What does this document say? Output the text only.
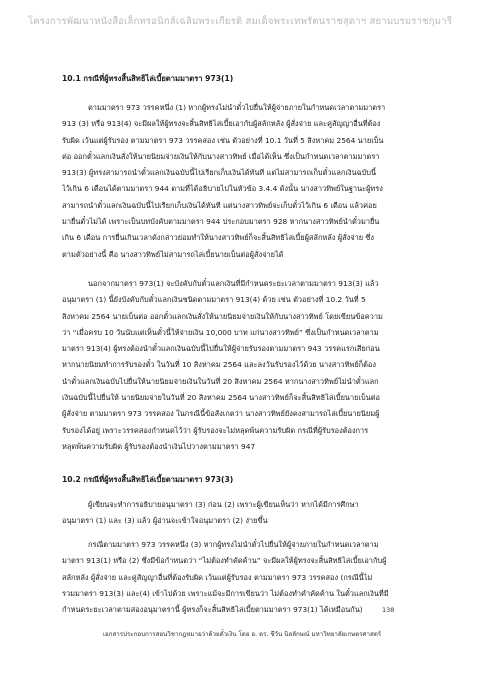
โครงการพัฒนาหนังสือเล็กทรอนิกส์เฉลิมพระเกียรติ สมเด็จพระเทพรัตนราชสุดาฯ สยามบรมราชกุมารี
10.1 กรณีที่ผู้ทรงสิ้นสิทธิไล่เบี้ยตามมาตรา 973(1)
ตามมาตรา 973 วรรคหนึ่ง (1) หากผู้ทรงไม่นำตั๋วไปยื่นให้ผู้จ่ายภายในกำหนดเวลาตามมาตรา
913 (3) หรือ 913(4) จะมีผลให้ผู้ทรงจะสิ้นสิทธิไล่เบี้ยเอากับผู้สลักหลัง ผู้สั่งจ่าย และคู่สัญญาอื่นที่ต้อง
รับผิด เว้นแต่ผู้รับรอง ตามมาตรา 973 วรรคสอง เช่น ตัวอย่างที่ 10.1 วันที่ 5 สิงหาคม 2564 นายเบ็น
ต่อ ออกตั๋วแลกเงินสั่งให้นายนิยมจ่ายเงินให้กับนางสาวทิพย์ เมื่อได้เห็น ซึ่งเป็นกำหนดเวลาตามมาตรา
913(3) ผู้ทรงสามารถนำตั๋วแลกเงินฉบับนี้ไปเรียกเก็บเงินได้ทันที แต่ไม่สามารถเก็บตั๋วแลกเงินฉบับนี้
ไว้เกิน 6 เดือนได้ตามมาตรา 944 ตามที่ได้อธิบายไปในหัวข้อ 3.4.4 ดังนั้น นางสาวทิพย์ในฐานะผู้ทรง
สามารถนำตั๋วแลกเงินฉบับนี้ไปเรียกเก็บเงินได้ทันที แต่นางสาวทิพย์จะเก็บตั๋วไว้เกิน 6 เดือน แล้วค่อย
มายื่นตั๋วไม่ได้ เพราะเป็นบทบังคับตามมาตรา 944 ประกอบมาตรา 928 หากนางสาวทิพย์นำตั๋วมายื่น
เกิน 6 เดือน การยื่นเกินเวลาดังกล่าวย่อมทำให้นางสาวทิพย์ก็จะสิ้นสิทธิไล่เบี้ยผู้สลักหลัง ผู้สั่งจ่าย ซึ่ง
ตามตัวอย่างนี้ คือ นางสาวทิพย์ไม่สามารถไล่เบี้ยนายเบ็นต่อผู้สั่งจ่ายได้
นอกจากมาตรา 973(1) จะบังคับกับตั๋วแลกเงินที่มีกำหนดระยะเวลาตามมาตรา 913(3) แล้ว
อนุมาตรา (1) นี้ยังบังคับกับตั๋วแลกเงินชนิดตามมาตรา 913(4) ด้วย เช่น ตัวอย่างที่ 10.2 วันที่ 5
สิงหาคม 2564 นายเบ็นต่อ ออกตั๋วแลกเงินสั่งให้นายนิยมจ่ายเงินให้กับนางสาวทิพย์ โดยเขียนข้อความ
ว่า “เมื่อครบ 10 วันนับแต่เห็นตั๋วนี้ให้จ่ายเงิน 10,000 บาท แก่นางสาวทิพย์” ซึ่งเป็นกำหนดเวลาตาม
มาตรา 913(4) ผู้ทรงต้องนำตั๋วแลกเงินฉบับนี้ไปยื่นให้ผู้จ่ายรับรองตามมาตรา 943 วรรคแรกเสียก่อน
หากนายนิยมทำการรับรองตั๋ว ในวันที่ 10 สิงหาคม 2564 และลงวันรับรองไว้ด้วย นางสาวทิพย์ก็ต้อง
นำตั๋วแลกเงินฉบับไปยื่นให้นายนิยมจ่ายเงินในวันที่ 20 สิงหาคม 2564 หากนางสาวทิพย์ไม่นำตั๋วแลก
เงินฉบับนี้ไปยื่นให้ นายนิยมจ่ายในวันที่ 20 สิงหาคม 2564 นางสาวทิพย์ก็จะสิ้นสิทธิไล่เบี้ยนายเบ็นต่อ
ผู้สั่งจ่าย ตามมาตรา 973 วรรคสอง ในกรณีนี้ข้อสังเกตว่า นางสาวทิพย์ยังคงสามารถไล่เบี้ยนายนิยมผู้
รับรองได้อยู่ เพราะวรรคสองกำหนดไว้ว่า ผู้รับรองจะไม่หลุดพ้นความรับผิด กรณีที่ผู้รับรองต้องการ
หลุดพ้นความรับผิด ผู้รับรองต้องนำเงินไปวางตามมาตรา 947
10.2 กรณีที่ผู้ทรงสิ้นสิทธิไล่เบี้ยตามมาตรา 973(3)
ผู้เขียนจะทำการอธิบายอนุมาตรา (3) ก่อน (2) เพราะผู้เขียนเห็นว่า หากได้มีการศึกษา
อนุมาตรา (1) และ (3) แล้ว ผู้อ่านจะเข้าใจอนุมาตรา (2) ง่ายขึ้น
กรณีตามมาตรา 973 วรรคหนึ่ง (3) หากผู้ทรงไม่นำตั๋วไปยื่นให้ผู้จ่ายภายในกำหนดเวลาตาม
มาตรา 913(1) หรือ (2) ซึ่งมีข้อกำหนดว่า “ไม่ต้องทำคัดค้าน” จะมีผลให้ผู้ทรงจะสิ้นสิทธิไล่เบี้ยเอากับผู้
สลักหลัง ผู้สั่งจ่าย และคู่สัญญาอื่นที่ต้องรับผิด เว้นแต่ผู้รับรอง ตามมาตรา 973 วรรคสอง (กรณีนี้ไม่
รวมมาตรา 913(3) และ(4) เข้าไปด้วย เพราะแม้จะมีการเขียนว่า ไม่ต้องทำคำคัดค้าน ในตั๋วแลกเงินที่มี
กำหนดระยะเวลาตามสองอนุมาตรานี้ ผู้ทรงก็จะสิ้นสิทธิไล่เบี้ยตามมาตรา 973(1) ได้เหมือนกัน)	138
เอกสารประกอบการสอนวิชากฎหมายว่าด้วยตั๋วเงิน โดย อ. ดร. ชีวัน นิลลักษณ์ มหาวิทยาลัยเกษตรศาสตร์
